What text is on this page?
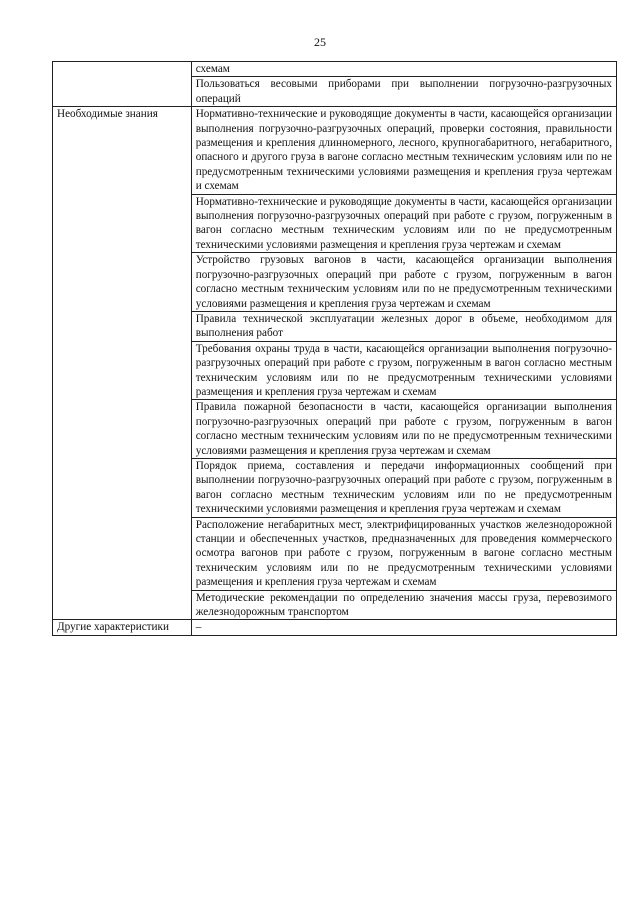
25
	схемам
	Пользоваться весовыми приборами при выполнении погрузочно-разгрузочных операций
Необходимые знания	Нормативно-технические и руководящие документы в части, касающейся организации выполнения погрузочно-разгрузочных операций, проверки состояния, правильности размещения и крепления длинномерного, лесного, крупногабаритного, негабаритного, опасного и другого груза в вагоне согласно местным техническим условиям или по не предусмотренным техническими условиями размещения и крепления груза чертежам и схемам
	Нормативно-технические и руководящие документы в части, касающейся организации выполнения погрузочно-разгрузочных операций при работе с грузом, погруженным в вагон согласно местным техническим условиям или по не предусмотренным техническими условиями размещения и крепления груза чертежам и схемам
	Устройство грузовых вагонов в части, касающейся организации выполнения погрузочно-разгрузочных операций при работе с грузом, погруженным в вагон согласно местным техническим условиям или по не предусмотренным техническими условиями размещения и крепления груза чертежам и схемам
	Правила технической эксплуатации железных дорог в объеме, необходимом для выполнения работ
	Требования охраны труда в части, касающейся организации выполнения погрузочно-разгрузочных операций при работе с грузом, погруженным в вагон согласно местным техническим условиям или по не предусмотренным техническими условиями размещения и крепления груза чертежам и схемам
	Правила пожарной безопасности в части, касающейся организации выполнения погрузочно-разгрузочных операций при работе с грузом, погруженным в вагон согласно местным техническим условиям или по не предусмотренным техническими условиями размещения и крепления груза чертежам и схемам
	Порядок приема, составления и передачи информационных сообщений при выполнении погрузочно-разгрузочных операций при работе с грузом, погруженным в вагон согласно местным техническим условиям или по не предусмотренным техническими условиями размещения и крепления груза чертежам и схемам
	Расположение негабаритных мест, электрифицированных участков железнодорожной станции и обеспеченных участков, предназначенных для проведения коммерческого осмотра вагонов при работе с грузом, погруженным в вагоне согласно местным техническим условиям или по не предусмотренным техническими условиями размещения и крепления груза чертежам и схемам
	Методические рекомендации по определению значения массы груза, перевозимого железнодорожным транспортом
Другие характеристики	–
